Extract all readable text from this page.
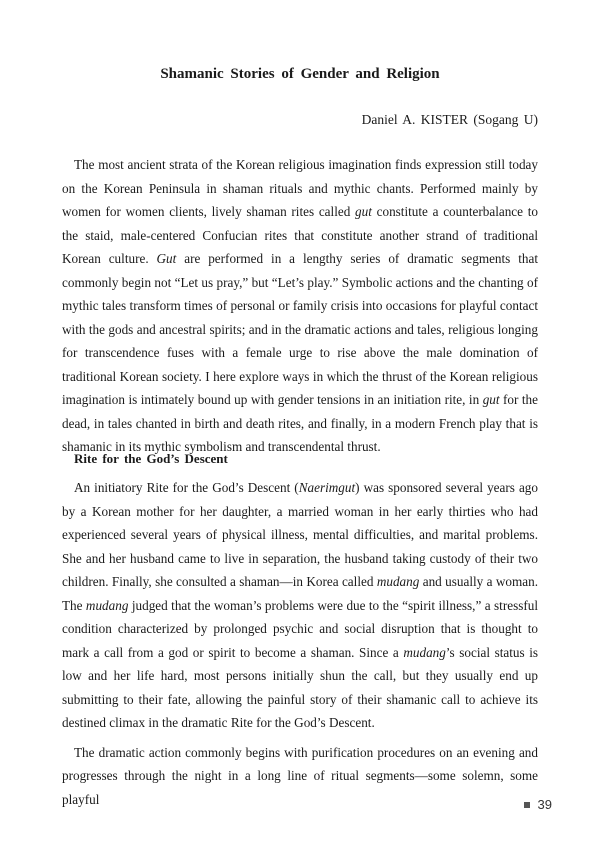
Shamanic Stories of Gender and Religion

Daniel A. KISTER (Sogang U)

The most ancient strata of the Korean religious imagination finds expression still today on the Korean Peninsula in shaman rituals and mythic chants. Performed mainly by women for women clients, lively shaman rites called gut constitute a counterbalance to the staid, male-centered Confucian rites that constitute another strand of traditional Korean culture. Gut are performed in a lengthy series of dramatic segments that commonly begin not “Let us pray,” but “Let’s play.” Symbolic actions and the chanting of mythic tales transform times of personal or family crisis into occasions for playful contact with the gods and ancestral spirits; and in the dramatic actions and tales, religious longing for transcendence fuses with a female urge to rise above the male domination of traditional Korean society. I here explore ways in which the thrust of the Korean religious imagination is intimately bound up with gender tensions in an initiation rite, in gut for the dead, in tales chanted in birth and death rites, and finally, in a modern French play that is shamanic in its mythic symbolism and transcendental thrust.

Rite for the God’s Descent

An initiatory Rite for the God’s Descent (Naerimgut) was sponsored several years ago by a Korean mother for her daughter, a married woman in her early thirties who had experienced several years of physical illness, mental difficulties, and marital problems. She and her husband came to live in separation, the husband taking custody of their two children. Finally, she consulted a shaman—in Korea called mudang and usually a woman. The mudang judged that the woman’s problems were due to the “spirit illness,” a stressful condition characterized by prolonged psychic and social disruption that is thought to mark a call from a god or spirit to become a shaman. Since a mudang’s social status is low and her life hard, most persons initially shun the call, but they usually end up submitting to their fate, allowing the painful story of their shamanic call to achieve its destined climax in the dramatic Rite for the God’s Descent.

The dramatic action commonly begins with purification procedures on an evening and progresses through the night in a long line of ritual segments—some solemn, some playful	39
